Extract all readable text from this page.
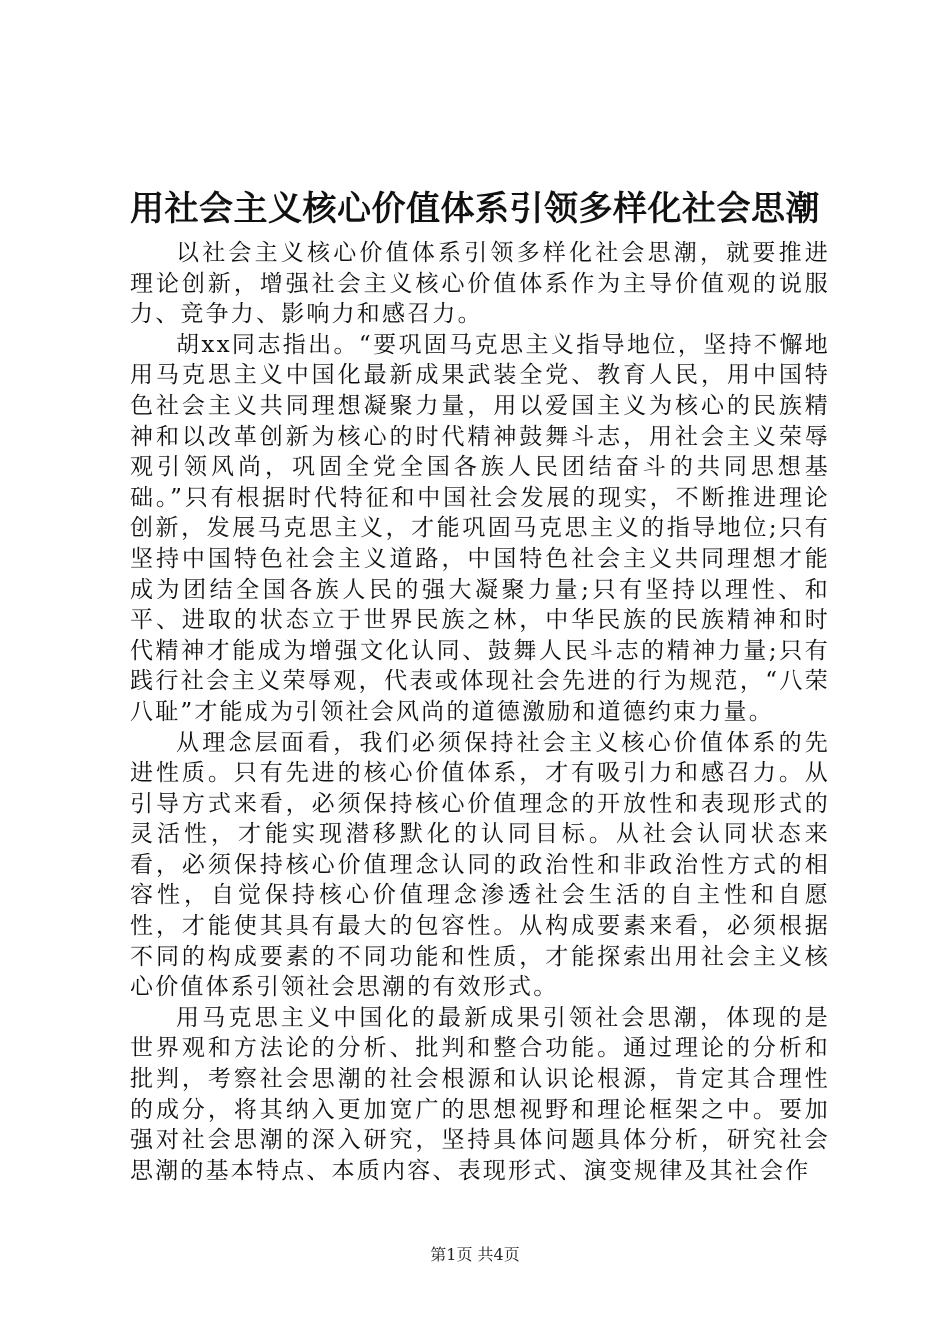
用社会主义核心价值体系引领多样化社会思潮

以社会主义核心价值体系引领多样化社会思潮，就要推进理论创新，增强社会主义核心价值体系作为主导价值观的说服力、竞争力、影响力和感召力。

胡xx同志指出。“要巩固马克思主义指导地位，坚持不懈地用马克思主义中国化最新成果武装全党、教育人民，用中国特色社会主义共同理想凝聚力量，用以爱国主义为核心的民族精神和以改革创新为核心的时代精神鼓舞斗志，用社会主义荣辱观引领风尚，巩固全党全国各族人民团结奋斗的共同思想基础。”只有根据时代特征和中国社会发展的现实，不断推进理论创新，发展马克思主义，才能巩固马克思主义的指导地位;只有坚持中国特色社会主义道路，中国特色社会主义共同理想才能成为团结全国各族人民的强大凝聚力量;只有坚持以理性、和平、进取的状态立于世界民族之林，中华民族的民族精神和时代精神才能成为增强文化认同、鼓舞人民斗志的精神力量;只有践行社会主义荣辱观，代表或体现社会先进的行为规范，“八荣八耻”才能成为引领社会风尚的道德激励和道德约束力量。

从理念层面看，我们必须保持社会主义核心价值体系的先进性质。只有先进的核心价值体系，才有吸引力和感召力。从引导方式来看，必须保持核心价值理念的开放性和表现形式的灵活性，才能实现潜移默化的认同目标。从社会认同状态来看，必须保持核心价值理念认同的政治性和非政治性方式的相容性，自觉保持核心价值理念渗透社会生活的自主性和自愿性，才能使其具有最大的包容性。从构成要素来看，必须根据不同的构成要素的不同功能和性质，才能探索出用社会主义核心价值体系引领社会思潮的有效形式。

用马克思主义中国化的最新成果引领社会思潮，体现的是世界观和方法论的分析、批判和整合功能。通过理论的分析和批判，考察社会思潮的社会根源和认识论根源，肯定其合理性的成分，将其纳入更加宽广的思想视野和理论框架之中。要加强对社会思潮的深入研究，坚持具体问题具体分析，研究社会思潮的基本特点、本质内容、表现形式、演变规律及其社会作

第1页 共4页
